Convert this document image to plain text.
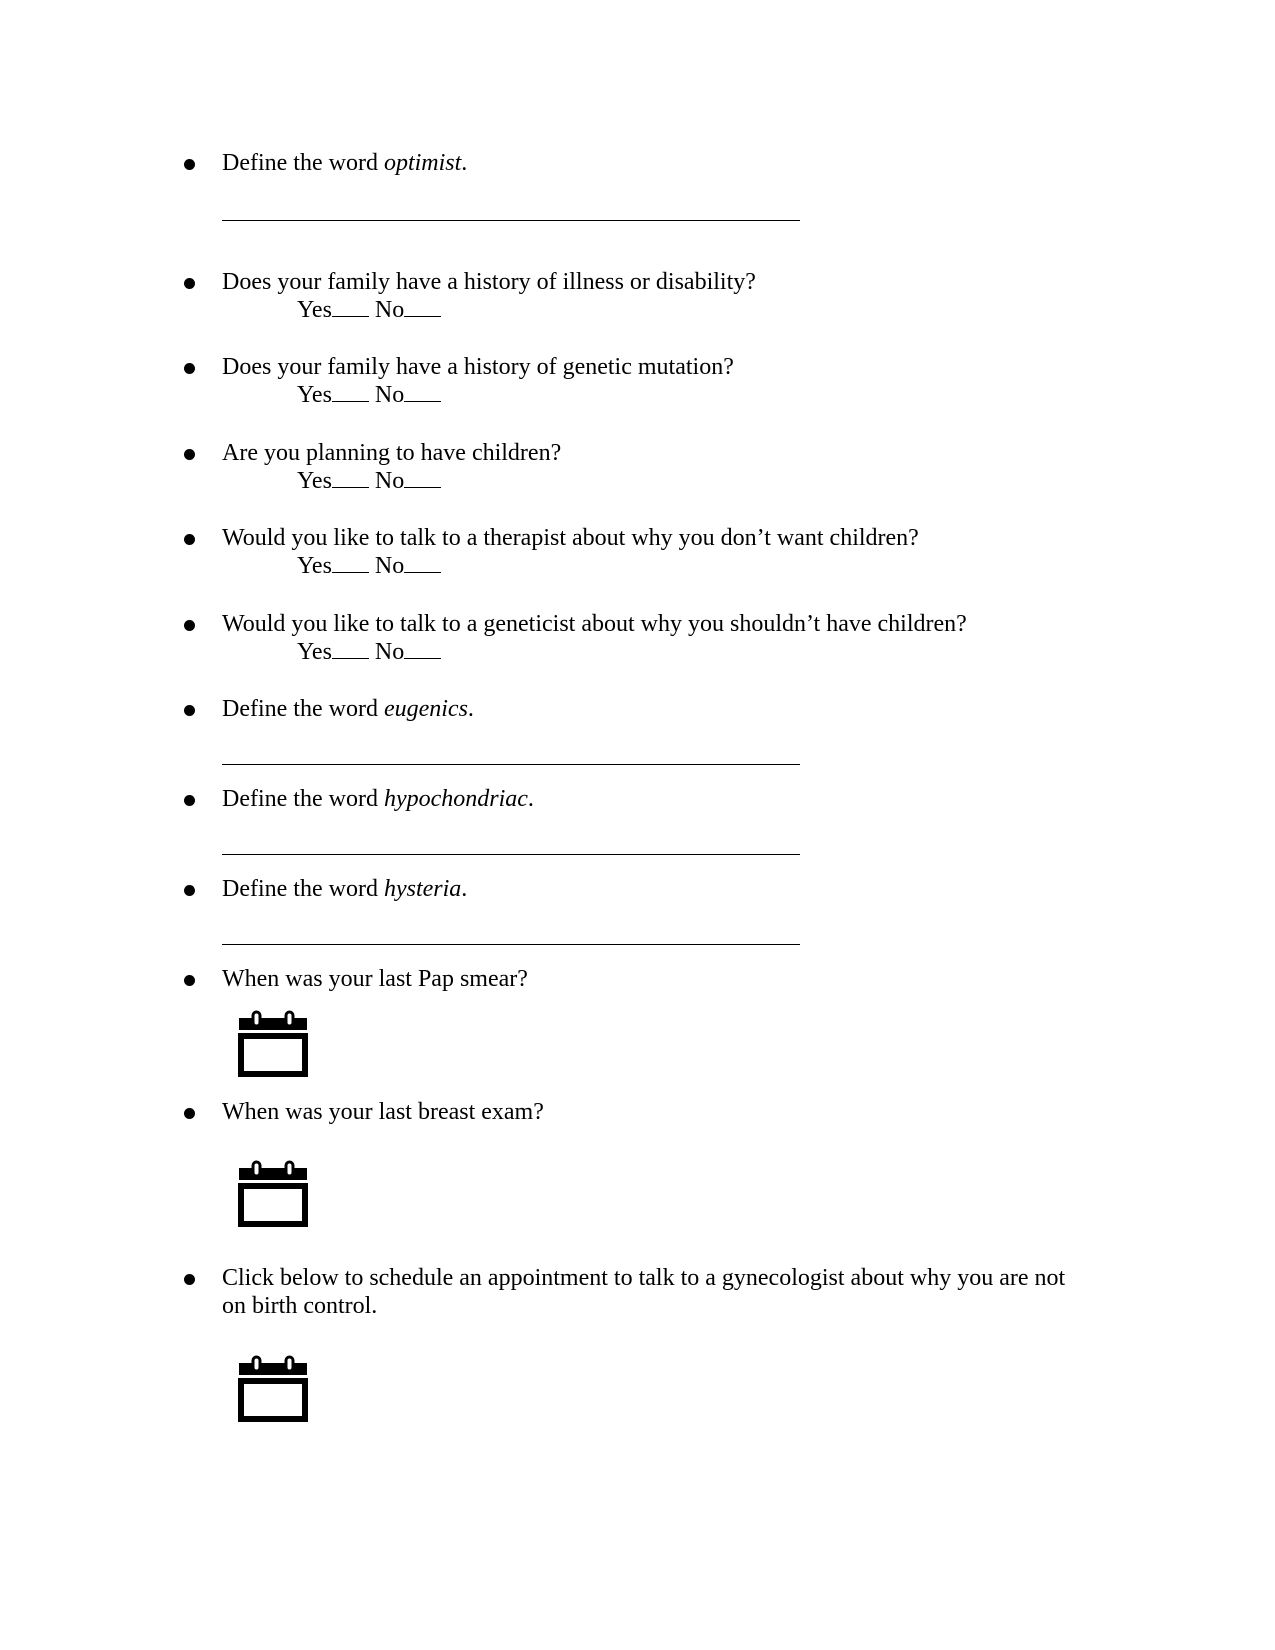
Define the word optimist.
Does your family have a history of illness or disability?
Yes No
Does your family have a history of genetic mutation?
Yes No
Are you planning to have children?
Yes No
Would you like to talk to a therapist about why you don’t want children?
Yes No
Would you like to talk to a geneticist about why you shouldn’t have children?
Yes No
Define the word eugenics.
Define the word hypochondriac.
Define the word hysteria.
When was your last Pap smear?
When was your last breast exam?
Click below to schedule an appointment to talk to a gynecologist about why you are not
on birth control.
